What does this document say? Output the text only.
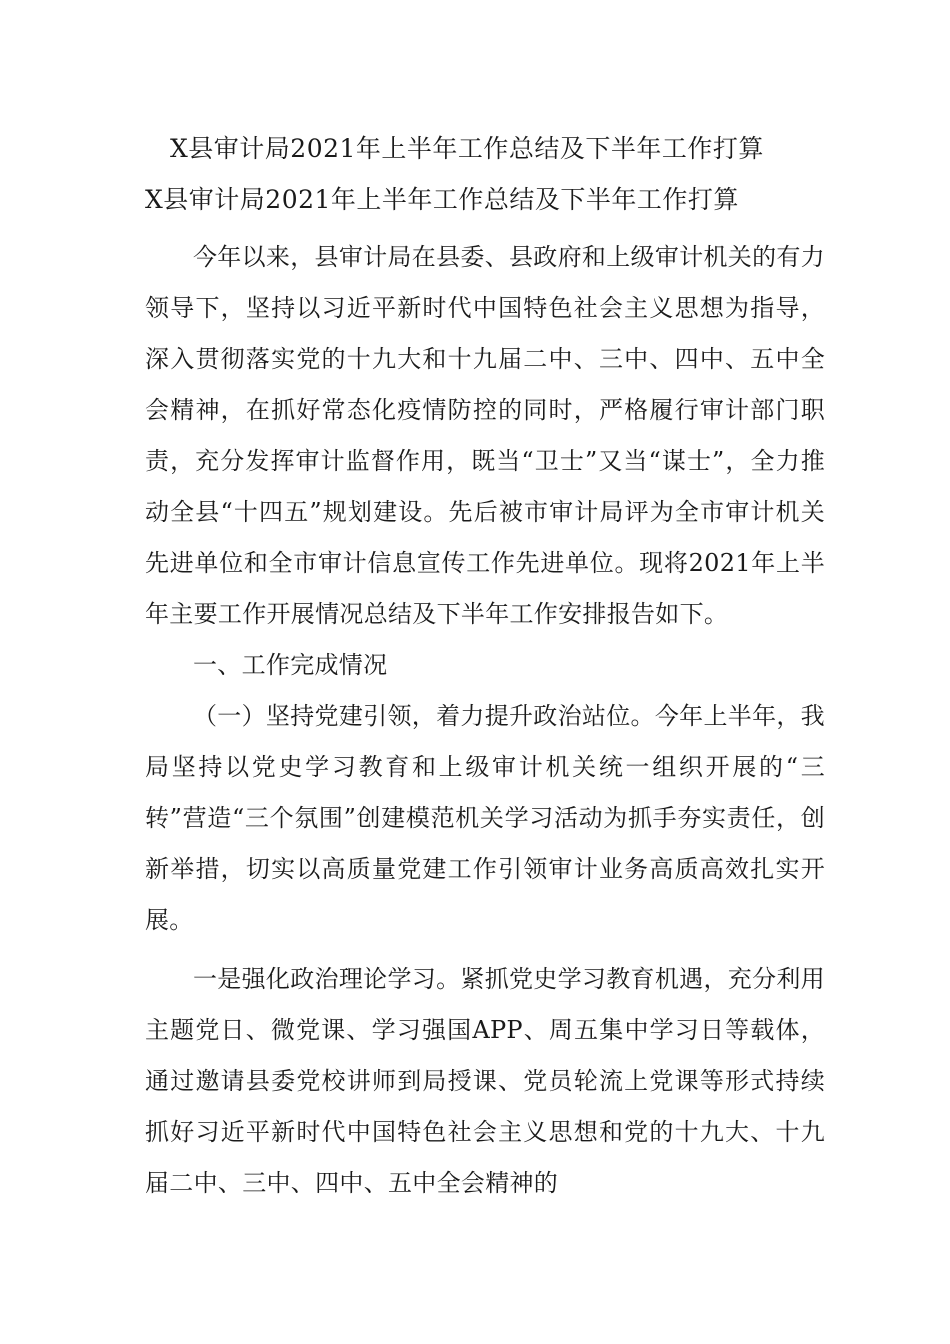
X县审计局2021年上半年工作总结及下半年工作打算
X县审计局2021年上半年工作总结及下半年工作打算

今年以来，县审计局在县委、县政府和上级审计机关的有力领导下，坚持以习近平新时代中国特色社会主义思想为指导，深入贯彻落实党的十九大和十九届二中、三中、四中、五中全会精神，在抓好常态化疫情防控的同时，严格履行审计部门职责，充分发挥审计监督作用，既当“卫士”又当“谋士”，全力推动全县“十四五”规划建设。先后被市审计局评为全市审计机关先进单位和全市审计信息宣传工作先进单位。现将2021年上半年主要工作开展情况总结及下半年工作安排报告如下。

一、工作完成情况

（一）坚持党建引领，着力提升政治站位。今年上半年，我局坚持以党史学习教育和上级审计机关统一组织开展的“三转”营造“三个氛围”创建模范机关学习活动为抓手夯实责任，创新举措，切实以高质量党建工作引领审计业务高质高效扎实开展。

一是强化政治理论学习。紧抓党史学习教育机遇，充分利用主题党日、微党课、学习强国APP、周五集中学习日等载体，通过邀请县委党校讲师到局授课、党员轮流上党课等形式持续抓好习近平新时代中国特色社会主义思想和党的十九大、十九届二中、三中、四中、五中全会精神的
